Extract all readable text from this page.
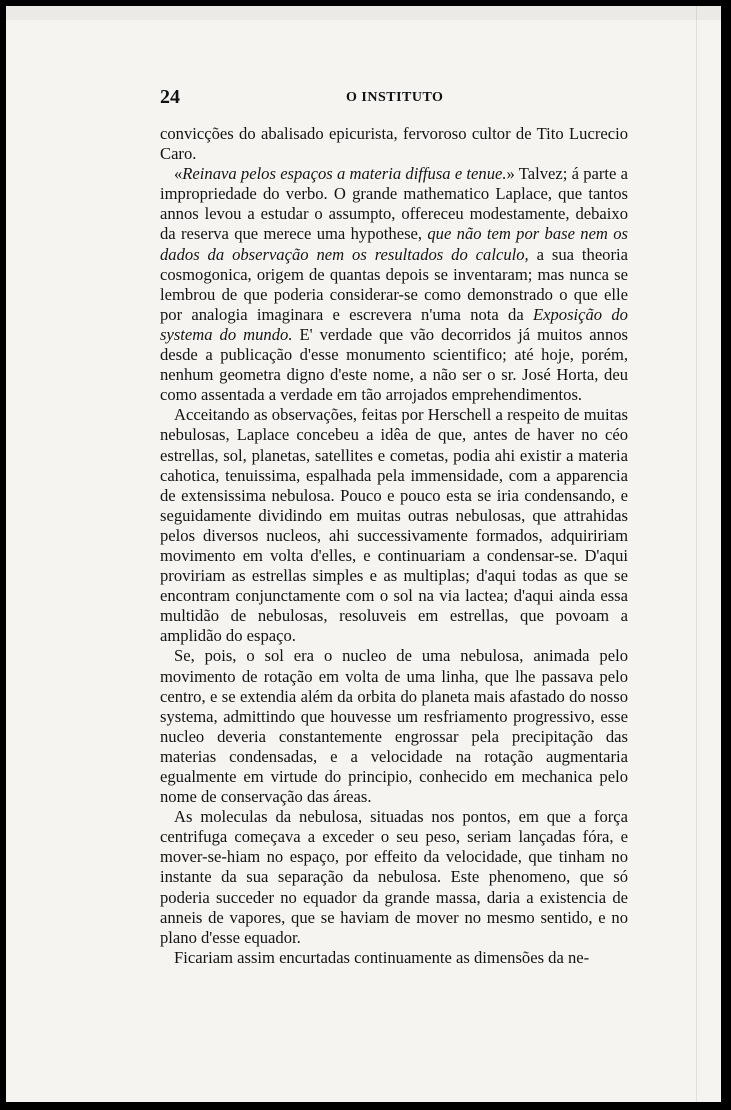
24	O INSTITUTO

convicções do abalisado epicurista, fervoroso cultor de Tito Lucrecio Caro.

«Reinava pelos espaços a materia diffusa e tenue.» Talvez; á parte a impropriedade do verbo. O grande mathematico Laplace, que tantos annos levou a estudar o assumpto, offereceu modestamente, debaixo da reserva que merece uma hypothese, que não tem por base nem os dados da observação nem os resultados do calculo, a sua theoria cosmogonica, origem de quantas depois se inventaram; mas nunca se lembrou de que poderia considerar-se como demonstrado o que elle por analogia imaginara e escrevera n'uma nota da Exposição do systema do mundo. E' verdade que vão decorridos já muitos annos desde a publicação d'esse monumento scientifico; até hoje, porém, nenhum geometra digno d'este nome, a não ser o sr. José Horta, deu como assentada a verdade em tão arrojados emprehendimentos.

Acceitando as observações, feitas por Herschell a respeito de muitas nebulosas, Laplace concebeu a idêa de que, antes de haver no céo estrellas, sol, planetas, satellites e cometas, podia ahi existir a materia cahotica, tenuissima, espalhada pela immensidade, com a apparencia de extensissima nebulosa. Pouco e pouco esta se iria condensando, e seguidamente dividindo em muitas outras nebulosas, que attrahidas pelos diversos nucleos, ahi successivamente formados, adquiririam movimento em volta d'elles, e continuariam a condensar-se. D'aqui proviriam as estrellas simples e as multiplas; d'aqui todas as que se encontram conjunctamente com o sol na via lactea; d'aqui ainda essa multidão de nebulosas, resoluveis em estrellas, que povoam a amplidão do espaço.

Se, pois, o sol era o nucleo de uma nebulosa, animada pelo movimento de rotação em volta de uma linha, que lhe passava pelo centro, e se extendia além da orbita do planeta mais afastado do nosso systema, admittindo que houvesse um resfriamento progressivo, esse nucleo deveria constantemente engrossar pela precipitação das materias condensadas, e a velocidade na rotação augmentaria egualmente em virtude do principio, conhecido em mechanica pelo nome de conservação das áreas.

As moleculas da nebulosa, situadas nos pontos, em que a força centrifuga começava a exceder o seu peso, seriam lançadas fóra, e mover-se-hiam no espaço, por effeito da velocidade, que tinham no instante da sua separação da nebulosa. Este phenomeno, que só poderia succeder no equador da grande massa, daria a existencia de anneis de vapores, que se haviam de mover no mesmo sentido, e no plano d'esse equador.

Ficariam assim encurtadas continuamente as dimensões da ne-
